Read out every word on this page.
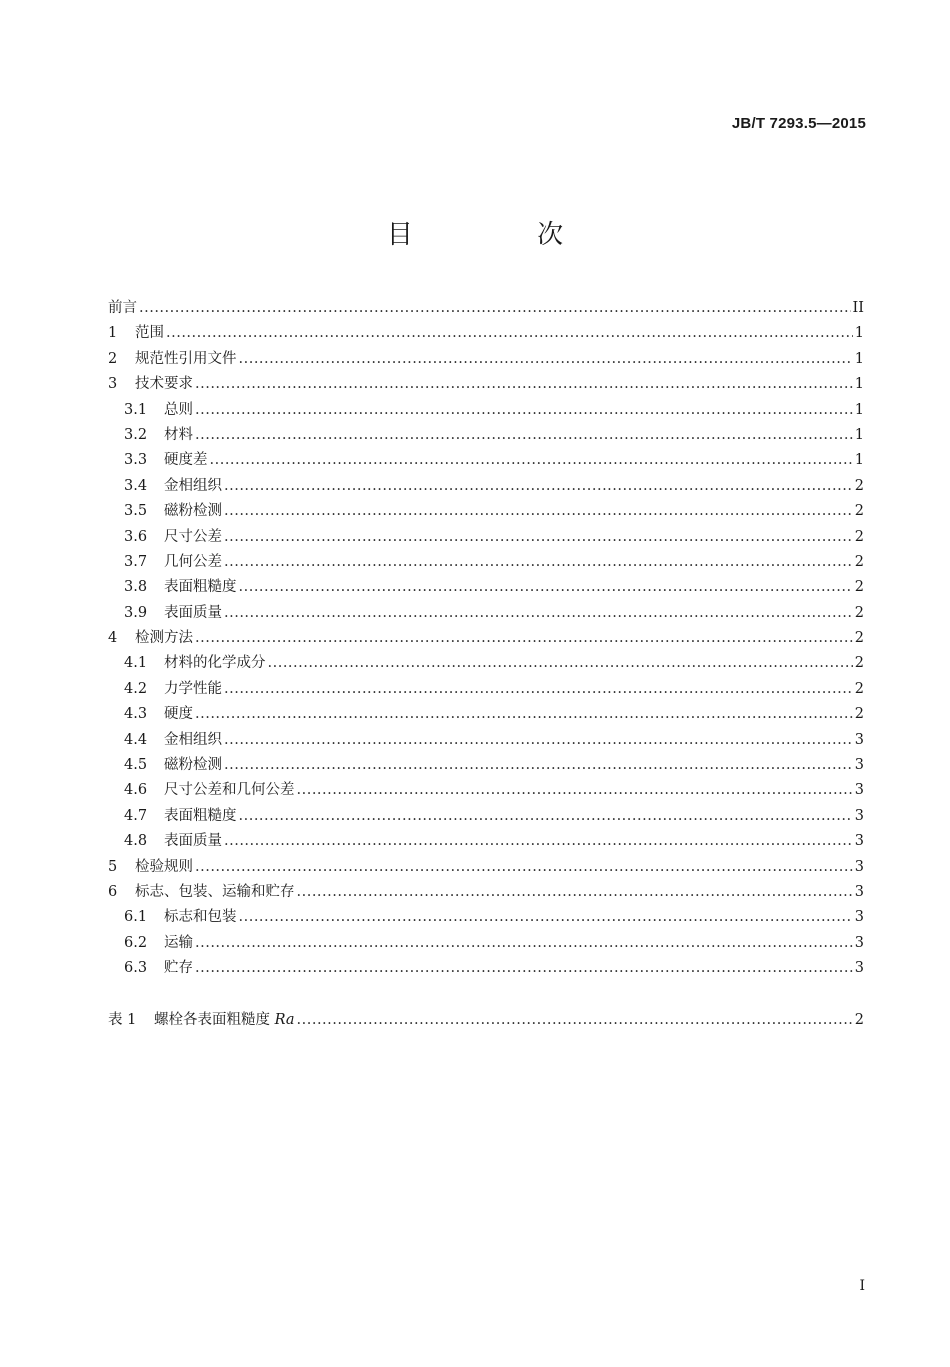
JB/T 7293.5—2015
目 次
前言 .....	II
1	范围 .....	1
2	规范性引用文件 .....	1
3	技术要求 .....	1
3.1	总则 .....	1
3.2	材料 .....	1
3.3	硬度差 .....	1
3.4	金相组织 .....	2
3.5	磁粉检测 .....	2
3.6	尺寸公差 .....	2
3.7	几何公差 .....	2
3.8	表面粗糙度 .....	2
3.9	表面质量 .....	2
4	检测方法 .....	2
4.1	材料的化学成分 .....	2
4.2	力学性能 .....	2
4.3	硬度 .....	2
4.4	金相组织 .....	3
4.5	磁粉检测 .....	3
4.6	尺寸公差和几何公差 .....	3
4.7	表面粗糙度 .....	3
4.8	表面质量 .....	3
5	检验规则 .....	3
6	标志、包装、运输和贮存 .....	3
6.1	标志和包装 .....	3
6.2	运输 .....	3
6.3	贮存 .....	3
表 1	螺栓各表面粗糙度 Ra .....	2
I
